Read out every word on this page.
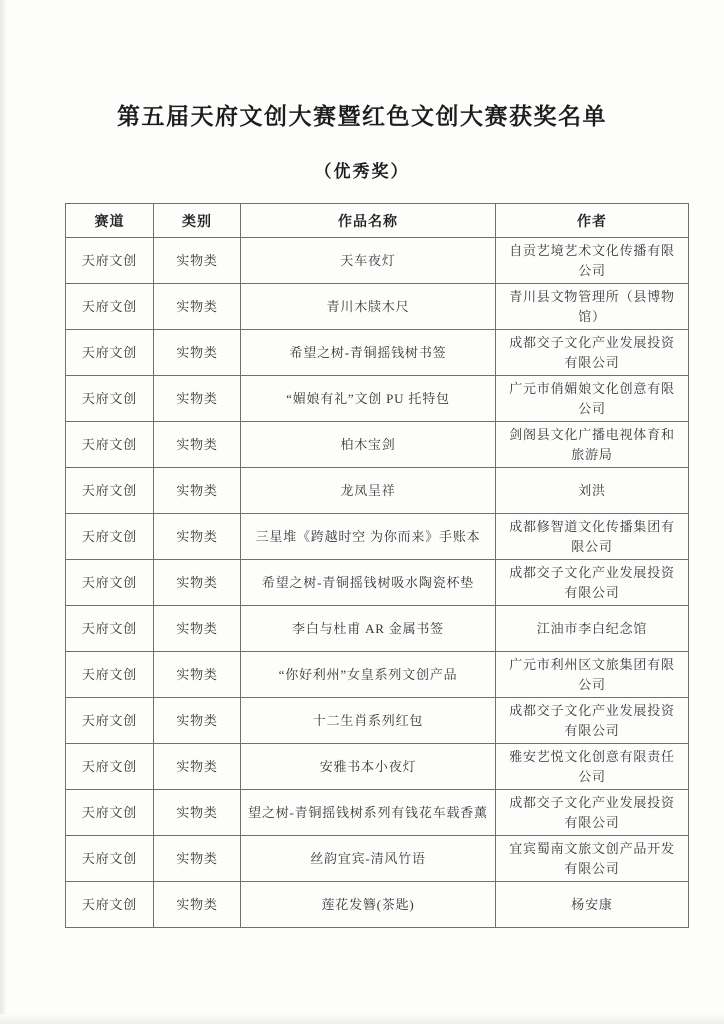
第五届天府文创大赛暨红色文创大赛获奖名单
（优秀奖）
赛道	类别	作品名称	作者
天府文创	实物类	天车夜灯	自贡艺境艺术文化传播有限公司
天府文创	实物类	青川木牍木尺	青川县文物管理所（县博物馆）
天府文创	实物类	希望之树-青铜摇钱树书签	成都交子文化产业发展投资有限公司
天府文创	实物类	“媚娘有礼”文创 PU 托特包	广元市俏媚娘文化创意有限公司
天府文创	实物类	柏木宝剑	剑阁县文化广播电视体育和旅游局
天府文创	实物类	龙凤呈祥	刘洪
天府文创	实物类	三星堆《跨越时空 为你而来》手账本	成都修智道文化传播集团有限公司
天府文创	实物类	希望之树-青铜摇钱树吸水陶瓷杯垫	成都交子文化产业发展投资有限公司
天府文创	实物类	李白与杜甫 AR 金属书签	江油市李白纪念馆
天府文创	实物类	“你好利州”女皇系列文创产品	广元市利州区文旅集团有限公司
天府文创	实物类	十二生肖系列红包	成都交子文化产业发展投资有限公司
天府文创	实物类	安雅书本小夜灯	雅安艺悦文化创意有限责任公司
天府文创	实物类	望之树-青铜摇钱树系列有钱花车载香薰	成都交子文化产业发展投资有限公司
天府文创	实物类	丝韵宜宾-清风竹语	宜宾蜀南文旅文创产品开发有限公司
天府文创	实物类	莲花发簪(茶匙)	杨安康
